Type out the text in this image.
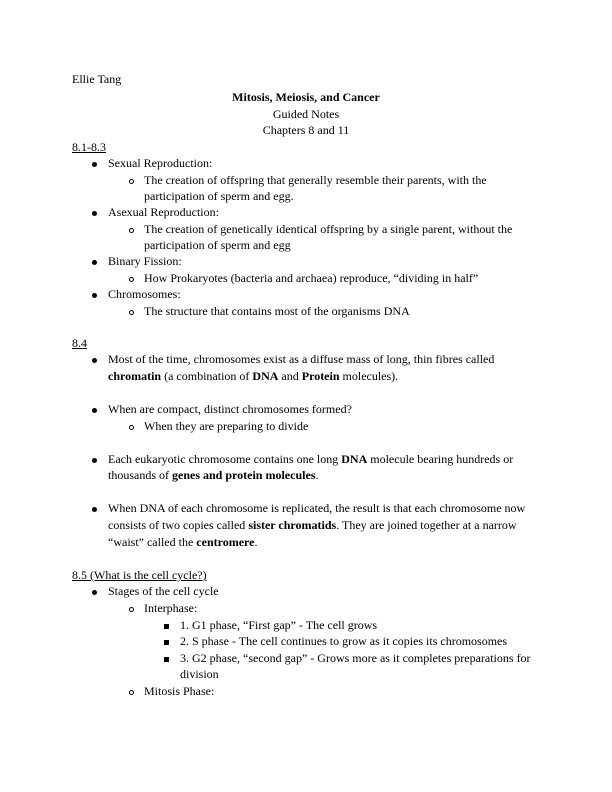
Ellie Tang
Mitosis, Meiosis, and Cancer
Guided Notes
Chapters 8 and 11
8.1-8.3
Sexual Reproduction:
The creation of offspring that generally resemble their parents, with the
participation of sperm and egg.
Asexual Reproduction:
The creation of genetically identical offspring by a single parent, without the
participation of sperm and egg
Binary Fission:
How Prokaryotes (bacteria and archaea) reproduce, “dividing in half”
Chromosomes:
The structure that contains most of the organisms DNA
8.4
Most of the time, chromosomes exist as a diffuse mass of long, thin fibres called
chromatin (a combination of DNA and Protein molecules).
When are compact, distinct chromosomes formed?
When they are preparing to divide
Each eukaryotic chromosome contains one long DNA molecule bearing hundreds or
thousands of genes and protein molecules.
When DNA of each chromosome is replicated, the result is that each chromosome now
consists of two copies called sister chromatids. They are joined together at a narrow
“waist” called the centromere.
8.5 (What is the cell cycle?)
Stages of the cell cycle
Interphase:
1. G1 phase, “First gap” - The cell grows
2. S phase - The cell continues to grow as it copies its chromosomes
3. G2 phase, “second gap” - Grows more as it completes preparations for
division
Mitosis Phase:
